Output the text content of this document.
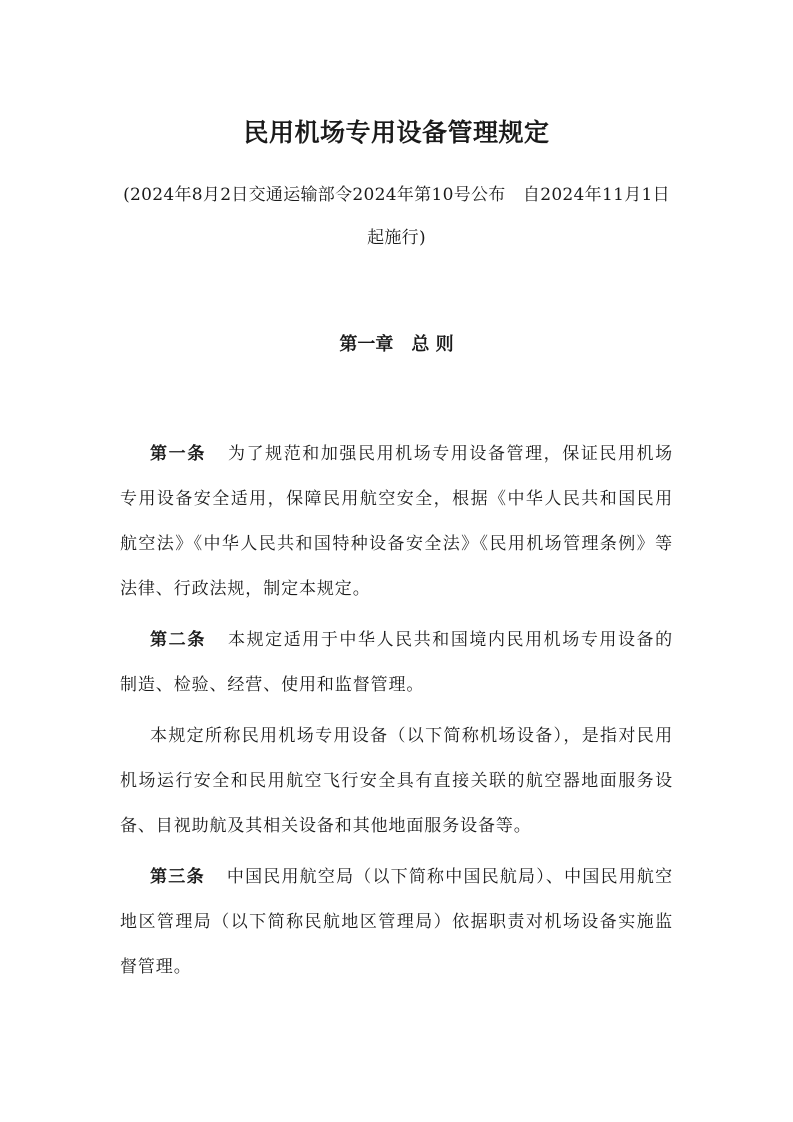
民用机场专用设备管理规定
(2024年8月2日交通运输部令2024年第10号公布　自2024年11月1日起施行)
第一章　总 则

第一条 为了规范和加强民用机场专用设备管理，保证民用机场专用设备安全适用，保障民用航空安全，根据《中华人民共和国民用航空法》《中华人民共和国特种设备安全法》《民用机场管理条例》等法律、行政法规，制定本规定。

第二条 本规定适用于中华人民共和国境内民用机场专用设备的制造、检验、经营、使用和监督管理。

本规定所称民用机场专用设备（以下简称机场设备），是指对民用机场运行安全和民用航空飞行安全具有直接关联的航空器地面服务设备、目视助航及其相关设备和其他地面服务设备等。

第三条 中国民用航空局（以下简称中国民航局）、中国民用航空地区管理局（以下简称民航地区管理局）依据职责对机场设备实施监督管理。
